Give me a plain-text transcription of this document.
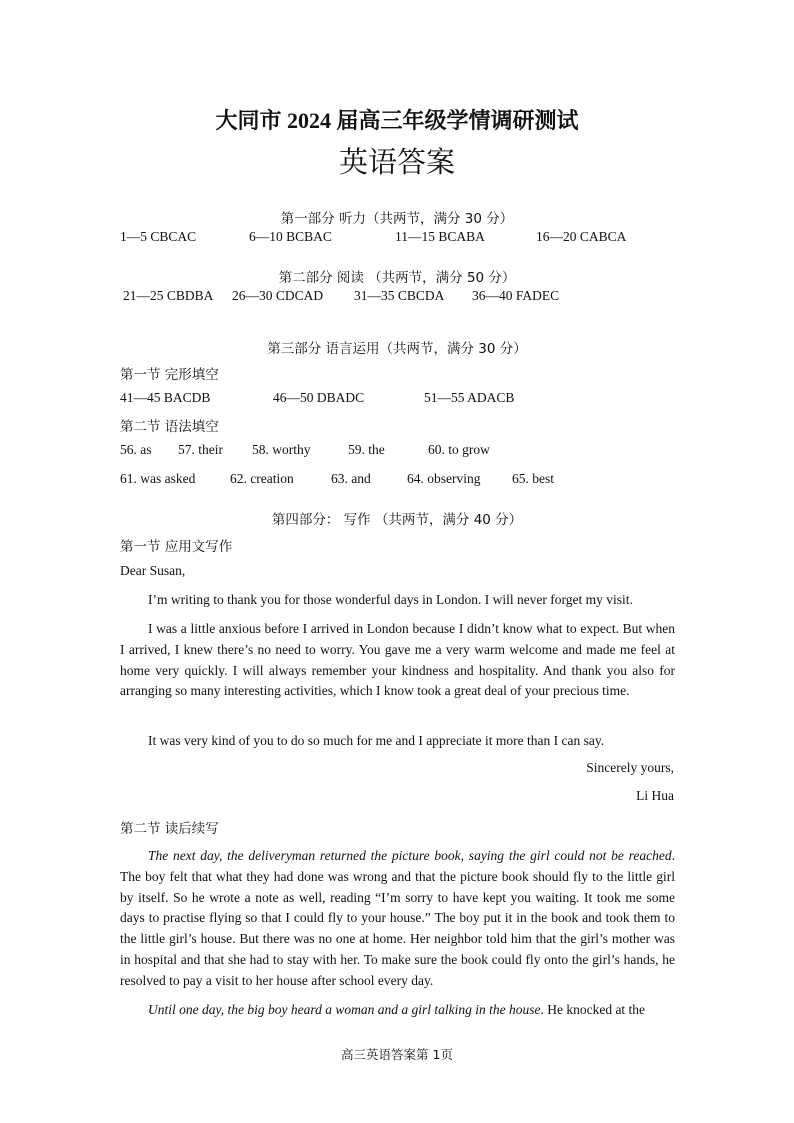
大同市 2024 届高三年级学情调研测试
英语答案
第一部分 听力（共两节，满分 30 分）
1—5 CBCAC	6—10 BCBAC	11—15 BCABA	16—20 CABCA
第二部分 阅读 （共两节，满分 50 分）
21—25 CBDBA 26—30 CDCAD 31—35 CBCDA 36—40 FADEC
第三部分 语言运用（共两节，满分 30 分）
第一节 完形填空
41—45 BACDB	46—50 DBADC	51—55 ADACB
第二节 语法填空
56. as 57. their 58. worthy	59. the	60. to grow
61. was asked	62. creation	63. and	64. observing 65. best
第四部分： 写作 （共两节，满分 40 分）
第一节 应用文写作

Dear Susan,

I’m writing to thank you for those wonderful days in London. I will never forget my visit.

I was a little anxious before I arrived in London because I didn’t know what to expect. But when I arrived, I knew there’s no need to worry. You gave me a very warm welcome and made me feel at home very quickly. I will always remember your kindness and hospitality. And thank you also for arranging so many interesting activities, which I know took a great deal of your precious time.

It was very kind of you to do so much for me and I appreciate it more than I can say.

Sincerely yours,
Li Hua
第二节 读后续写

The next day, the deliveryman returned the picture book, saying the girl could not be reached. The boy felt that what they had done was wrong and that the picture book should fly to the little girl by itself. So he wrote a note as well, reading “I’m sorry to have kept you waiting. It took me some days to practise flying so that I could fly to your house.” The boy put it in the book and took them to the little girl’s house. But there was no one at home. Her neighbor told him that the girl’s mother was in hospital and that she had to stay with her. To make sure the book could fly onto the girl’s hands, he resolved to pay a visit to her house after school every day.

Until one day, the big boy heard a woman and a girl talking in the house. He knocked at the

高三英语答案第 1页
